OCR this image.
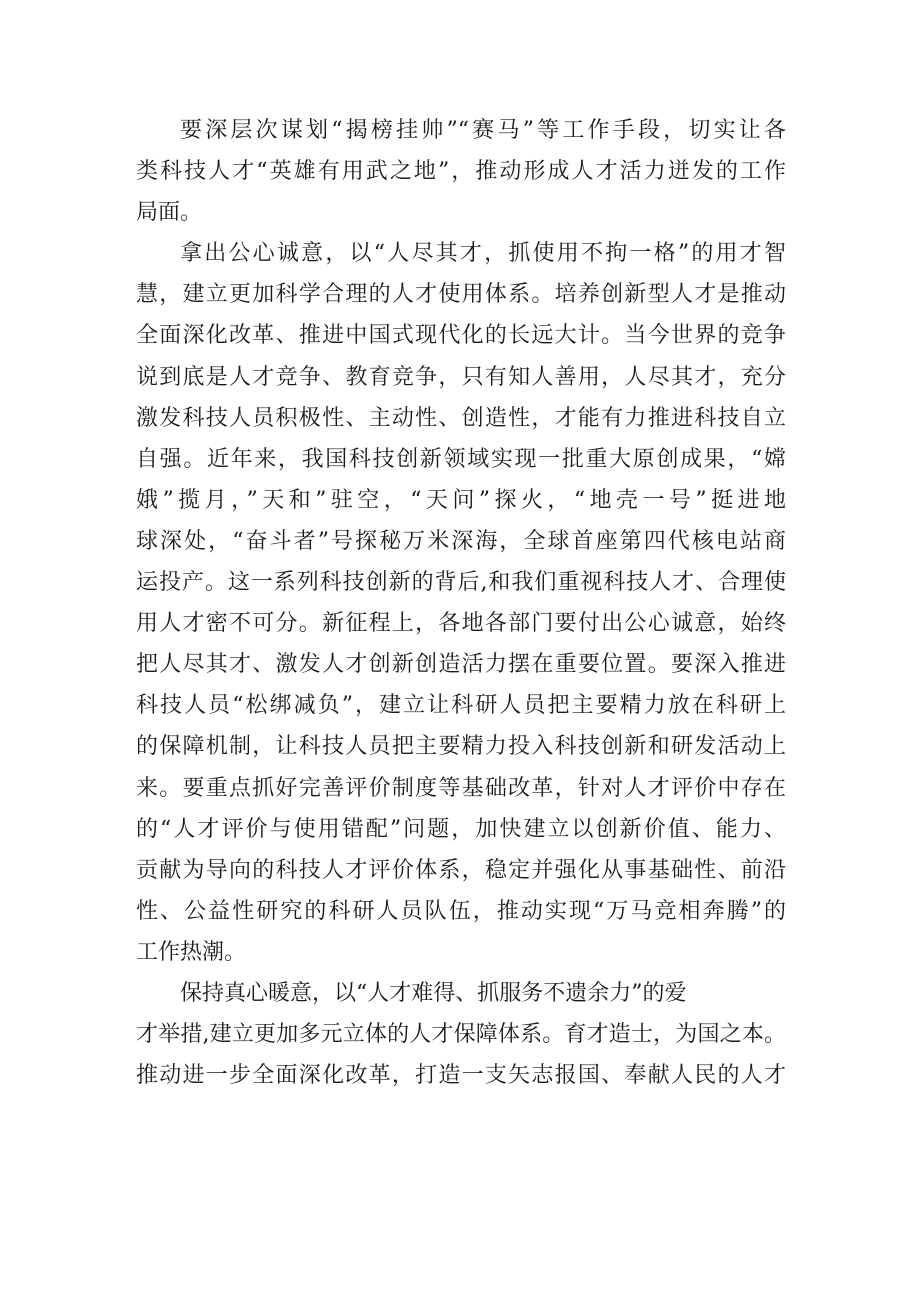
要深层次谋划“揭榜挂帅”“赛马”等工作手段，切实让各
类科技人才“英雄有用武之地”，推动形成人才活力迸发的工作
局面。
拿出公心诚意，以“人尽其才，抓使用不拘一格”的用才智
慧，建立更加科学合理的人才使用体系。培养创新型人才是推动
全面深化改革、推进中国式现代化的长远大计。当今世界的竞争
说到底是人才竞争、教育竞争，只有知人善用，人尽其才，充分
激发科技人员积极性、主动性、创造性，才能有力推进科技自立
自强。近年来，我国科技创新领域实现一批重大原创成果，“嫦
娥”揽月，”天和”驻空，“天问”探火，“地壳一号”挺进地
球深处，“奋斗者”号探秘万米深海，全球首座第四代核电站商
运投产。这一系列科技创新的背后,和我们重视科技人才、合理使
用人才密不可分。新征程上，各地各部门要付出公心诚意，始终
把人尽其才、激发人才创新创造活力摆在重要位置。要深入推进
科技人员“松绑减负”，建立让科研人员把主要精力放在科研上
的保障机制，让科技人员把主要精力投入科技创新和研发活动上
来。要重点抓好完善评价制度等基础改革，针对人才评价中存在
的“人才评价与使用错配”问题，加快建立以创新价值、能力、
贡献为导向的科技人才评价体系，稳定并强化从事基础性、前沿
性、公益性研究的科研人员队伍，推动实现“万马竞相奔腾”的
工作热潮。
保持真心暖意，以“人才难得、抓服务不遗余力”的爱
才举措,建立更加多元立体的人才保障体系。育才造士，为国之本。
推动进一步全面深化改革，打造一支矢志报国、奉献人民的人才
